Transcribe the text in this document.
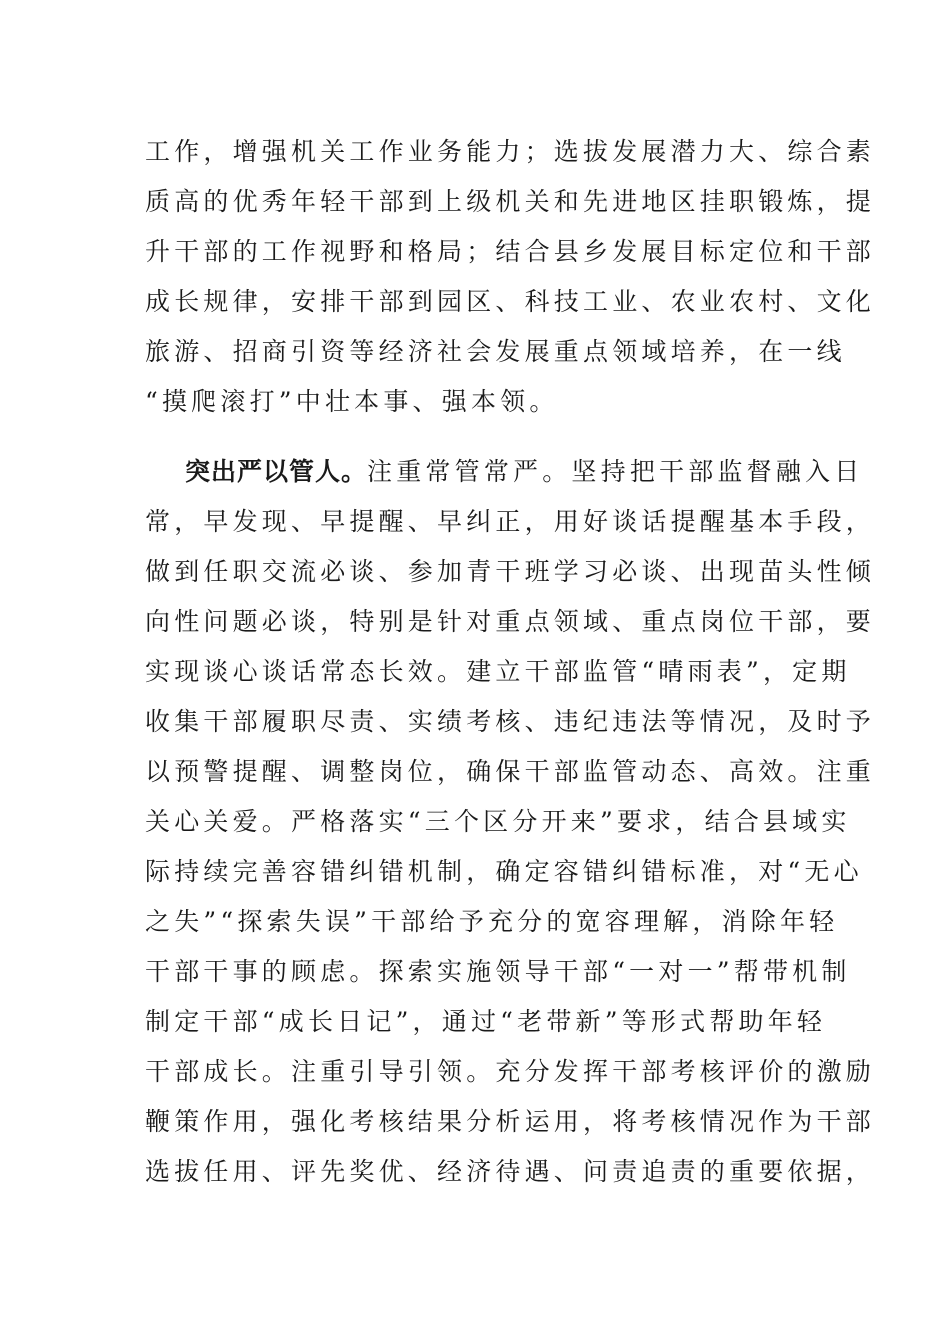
工作，增强机关工作业务能力；选拔发展潜力大、综合素
质高的优秀年轻干部到上级机关和先进地区挂职锻炼，提
升干部的工作视野和格局；结合县乡发展目标定位和干部
成长规律，安排干部到园区、科技工业、农业农村、文化
旅游、招商引资等经济社会发展重点领域培养，在一线
“摸爬滚打”中壮本事、强本领。
突出严以管人。注重常管常严。坚持把干部监督融入日
常，早发现、早提醒、早纠正，用好谈话提醒基本手段，
做到任职交流必谈、参加青干班学习必谈、出现苗头性倾
向性问题必谈，特别是针对重点领域、重点岗位干部，要
实现谈心谈话常态长效。建立干部监管“晴雨表”，定期
收集干部履职尽责、实绩考核、违纪违法等情况，及时予
以预警提醒、调整岗位，确保干部监管动态、高效。注重
关心关爱。严格落实“三个区分开来”要求，结合县域实
际持续完善容错纠错机制，确定容错纠错标准，对“无心
之失”“探索失误”干部给予充分的宽容理解，消除年轻
干部干事的顾虑。探索实施领导干部“一对一”帮带机制
制定干部“成长日记”，通过“老带新”等形式帮助年轻
干部成长。注重引导引领。充分发挥干部考核评价的激励
鞭策作用，强化考核结果分析运用，将考核情况作为干部
选拔任用、评先奖优、经济待遇、问责追责的重要依据，
